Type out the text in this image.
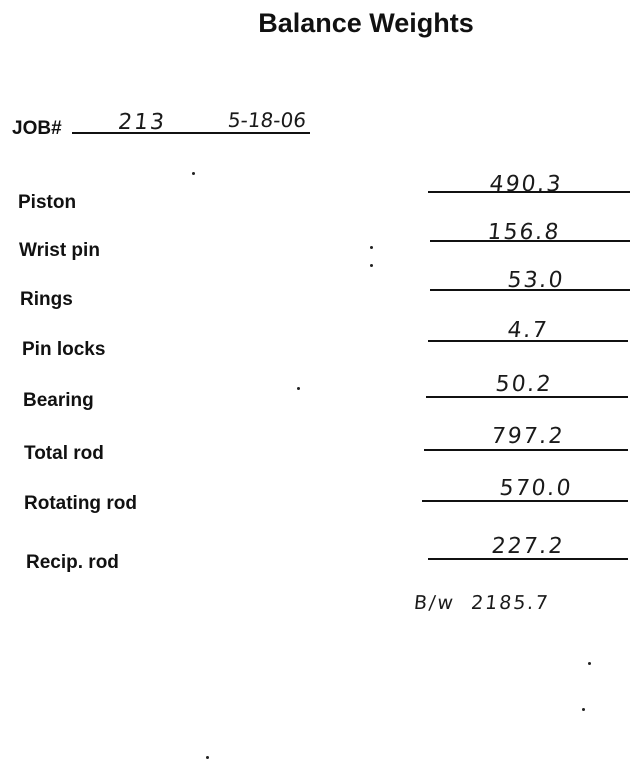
Balance Weights
JOB#	213	5-18-06
Piston
490.3
Wrist pin
156.8
Rings
53.0
Pin locks
4.7
Bearing
50.2
Total rod
797.2
Rotating rod
570.0
Recip. rod
227.2
B/w 2185.7
